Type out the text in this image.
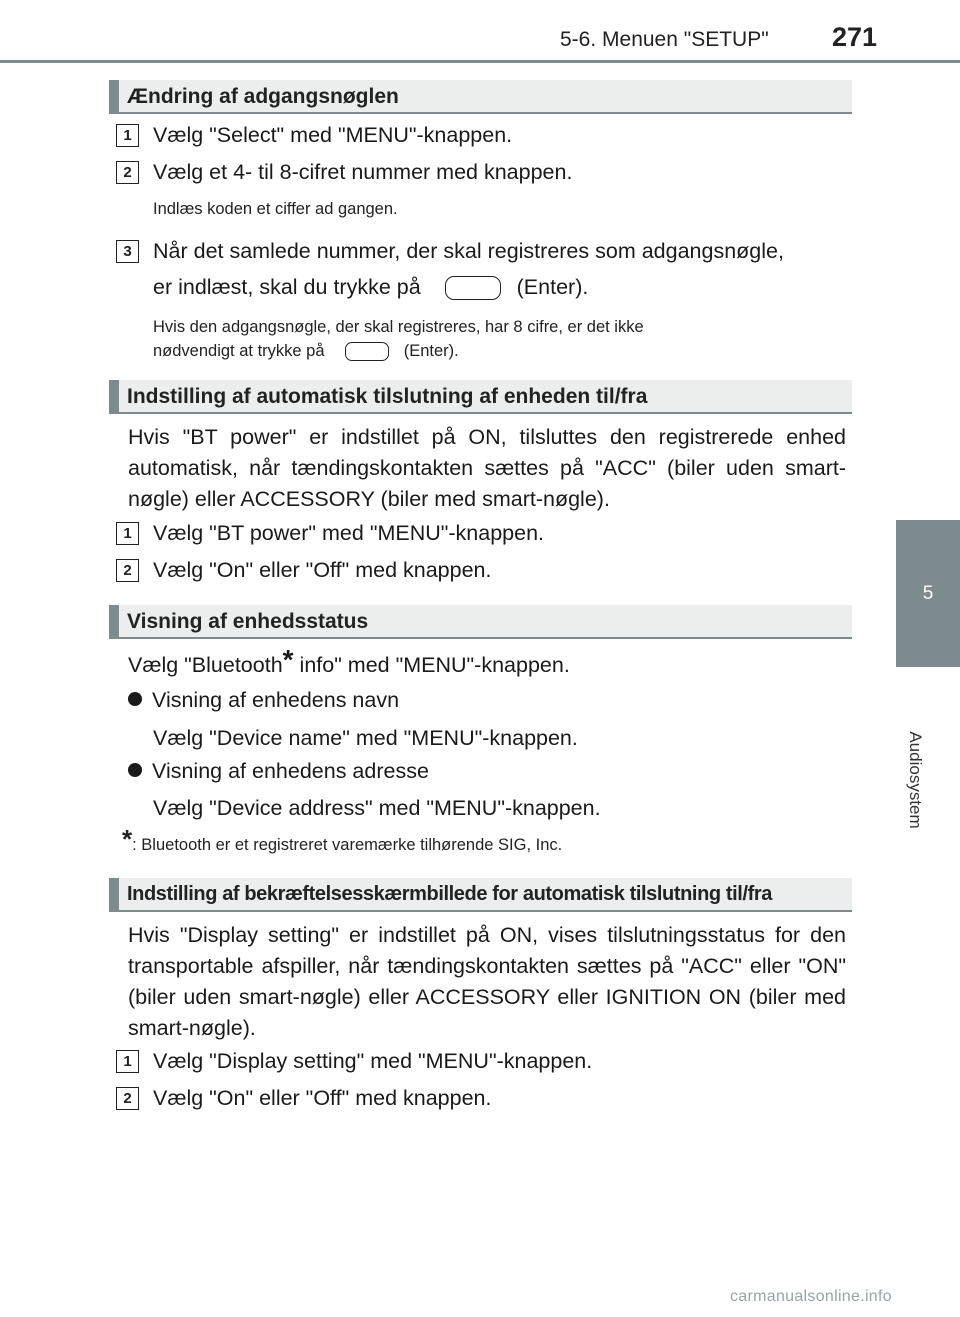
5-6. Menuen "SETUP" 271
5
Audiosystem
Ændring af adgangsnøglen
1 Vælg "Select" med "MENU"-knappen.
2 Vælg et 4- til 8-cifret nummer med knappen.
Indlæs koden et ciffer ad gangen.
3 Når det samlede nummer, der skal registreres som adgangsnøgle,
er indlæst, skal du trykke på	(Enter).
Hvis den adgangsnøgle, der skal registreres, har 8 cifre, er det ikke
nødvendigt at trykke på	(Enter).
Indstilling af automatisk tilslutning af enheden til/fra
Hvis "BT power" er indstillet på ON, tilsluttes den registrerede enhed automatisk, når tændingskontakten sættes på "ACC" (biler uden smart-nøgle) eller ACCESSORY (biler med smart-nøgle).
1 Vælg "BT power" med "MENU"-knappen.
2 Vælg "On" eller "Off" med knappen.
Visning af enhedsstatus
Vælg "Bluetooth* info" med "MENU"-knappen.
Visning af enhedens navn
Vælg "Device name" med "MENU"-knappen.
Visning af enhedens adresse
Vælg "Device address" med "MENU"-knappen.
*: Bluetooth er et registreret varemærke tilhørende SIG, Inc.
Indstilling af bekræftelsesskærmbillede for automatisk tilslutning til/fra
Hvis "Display setting" er indstillet på ON, vises tilslutningsstatus for den transportable afspiller, når tændingskontakten sættes på "ACC" eller "ON" (biler uden smart-nøgle) eller ACCESSORY eller IGNITION ON (biler med smart-nøgle).
1 Vælg "Display setting" med "MENU"-knappen.
2 Vælg "On" eller "Off" med knappen.
carmanualsonline.info
